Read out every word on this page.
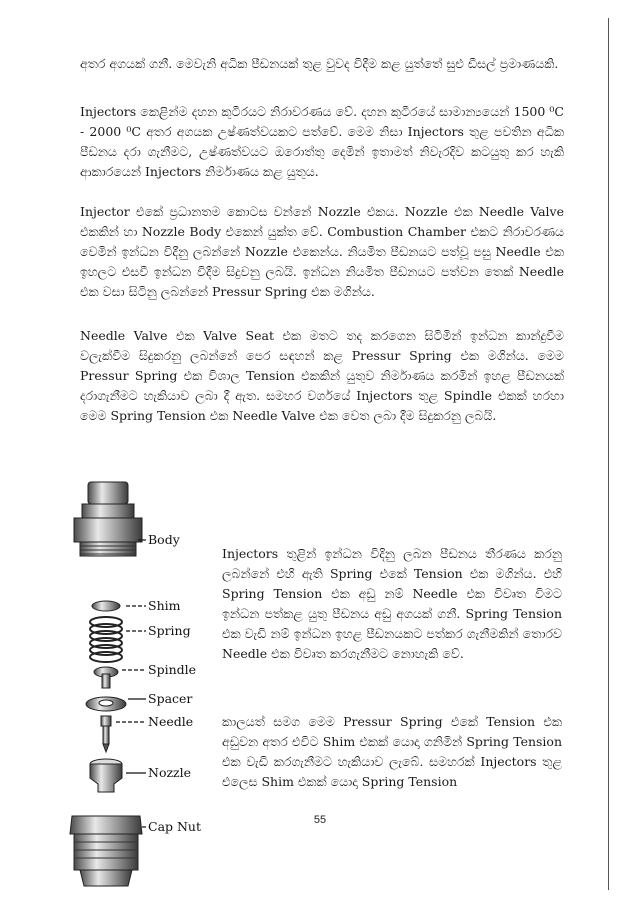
අතර අගයක් ගනී. මෙවැනි අධික පීඩනයක් තුළ වුවද විදීම කළ යුත්තේ සුළු ඩීසල් ප්‍රමාණයකි.

Injectors කෙළින්ම දහන කුටීරයට නිරාවරණය වේ. දහන කුටීරයේ සාමාන්‍යයෙන් 1500 ⁰C - 2000 ⁰C අතර අගයක උෂ්ණත්වයකට පත්වේ. මෙම නිසා Injectors තුළ පවතින අධික පීඩනය දරා ගැනීමට, උෂ්ණත්වයට ඔරොත්තු දෙමින් ඉතාමත් නිවැරදිව කටයුතු කර හැකි ආකාරයෙන් Injectors නිර්මාණය කළ යුතුය.

Injector එකේ ප්‍රධානතම කොටස වන්නේ Nozzle එකය. Nozzle එක Needle Valve එකකින් හා Nozzle Body එකෙන් යුක්ත වේ. Combustion Chamber එකට නිරාවරණය වෙමින් ඉන්ධන විදීනු ලබන්නේ Nozzle එකෙන්ය. නියමිත පීඩනයට පත්වූ පසු Needle එක ඉහලට එසවී ඉන්ධන විදීම සිදුවනු ලබයි. ඉන්ධන නියමිත පීඩනයට පත්වන තෙක් Needle එක වසා සිටිනු ලබන්නේ Pressur Spring එක මගින්ය.

Needle Valve එක Valve Seat එක මතට තද කරගෙන සිටිමින් ඉන්ධන කාන්දුවීම වලැක්වීම සිදුකරනු ලබන්නේ පෙර සඳහන් කළ Pressur Spring එක මගින්ය. මෙම Pressur Spring එක විශාල Tension එකකින් යුතුව නිර්මාණය කරමින් ඉහළ පීඩනයක් දරාගැනීමට හැකියාව ලබා දී ඇත. සමහර වර්ගයේ Injectors තුළ Spindle එකක් හරහා මෙම Spring Tension එක Needle Valve එක වෙත ලබා දීම සිදුකරනු ලබයි.

Body
Shim
Spring
Spindle
Spacer
Needle
Nozzle
Cap Nut

Injectors තුළින් ඉන්ධන විදිනු ලබන පීඩනය තීරණය කරනු ලබන්නේ එහි ඇති Spring එකේ Tension එක මගින්ය. එහි Spring Tension එක අඩු නම් Needle එක විවෘත විමට ඉන්ධන පත්කළ යුතු පීඩනය අඩු අගයක් ගනී. Spring Tension එක වැඩි නම් ඉන්ධන ඉහළ පීඩනයකට පත්කර ගැනීමකින් තොරව Needle එක විවෘත කරගැනීමට නොහැකි වේ.

කාලයත් සමග මෙම Pressur Spring එකේ Tension එක අඩුවන අතර එවිට Shim එකක් යොදා ගනිමින් Spring Tension එක වැඩි කරගැනීමට හැකියාව ලැබේ. සමහරක් Injectors තුළ එලෙස Shim එකක් යොදා Spring Tension

55
